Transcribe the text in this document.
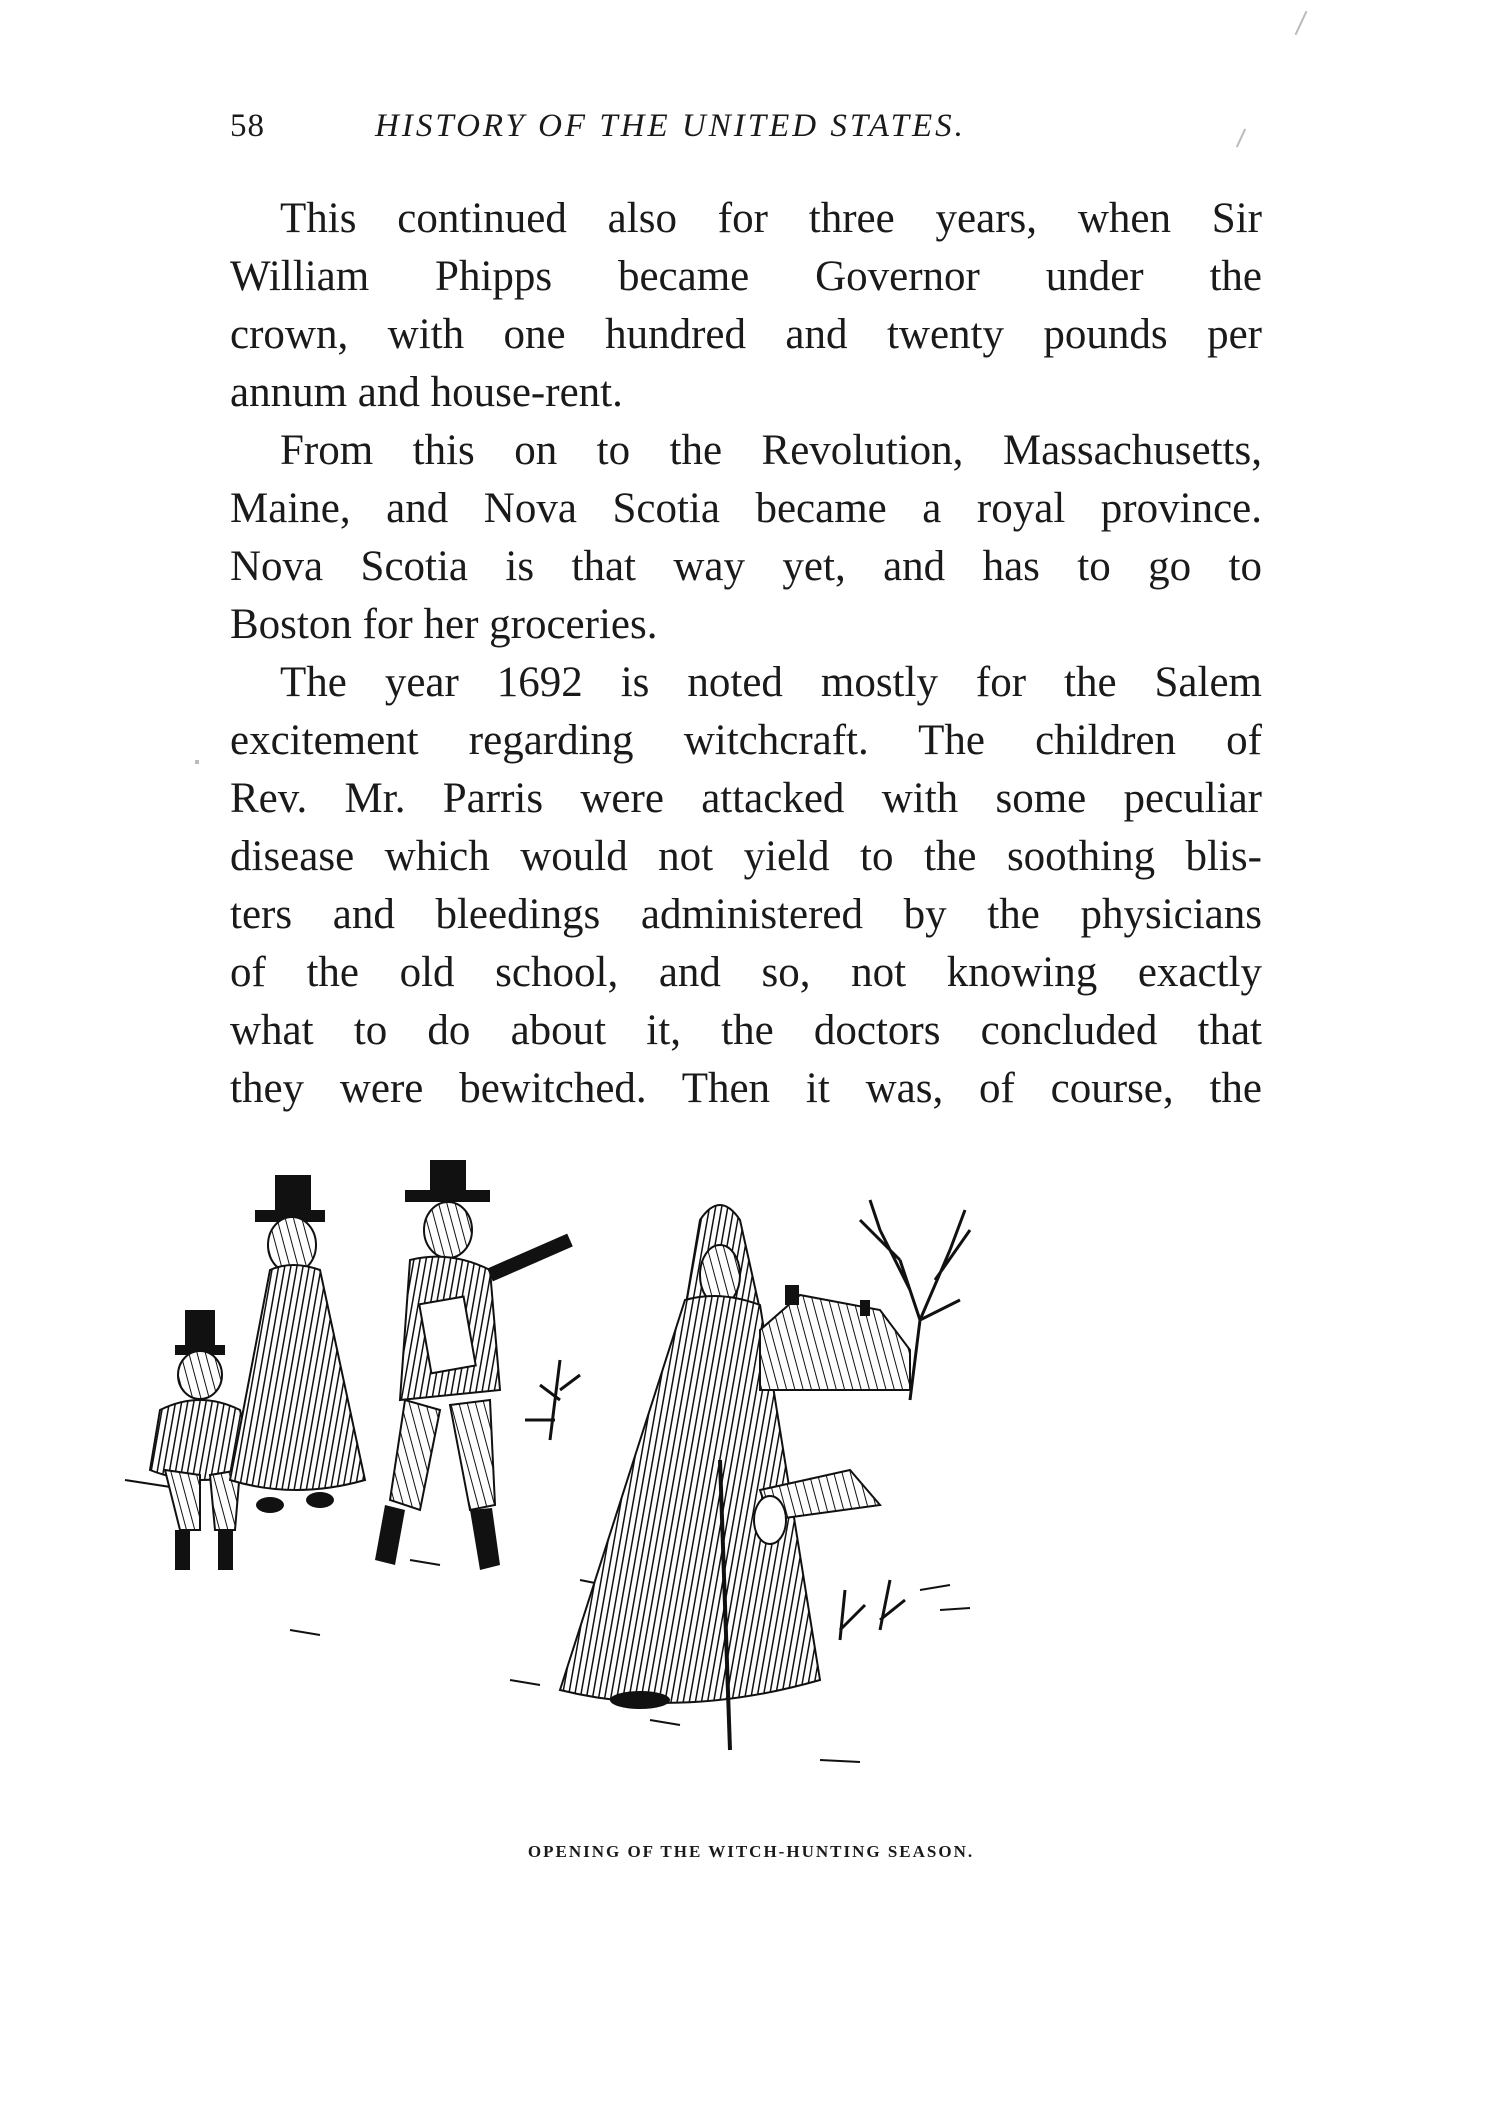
58	HISTORY OF THE UNITED STATES.

This continued also for three years, when Sir
William Phipps became Governor under the
crown, with one hundred and twenty pounds per
annum and house-rent.

From this on to the Revolution, Massachusetts,
Maine, and Nova Scotia became a royal province.
Nova Scotia is that way yet, and has to go to
Boston for her groceries.

The year 1692 is noted mostly for the Salem
excitement regarding witchcraft. The children of
Rev. Mr. Parris were attacked with some peculiar
disease which would not yield to the soothing blis-
ters and bleedings administered by the physicians
of the old school, and so, not knowing exactly
what to do about it, the doctors concluded that
they were bewitched. Then it was, of course, the

OPENING OF THE WITCH-HUNTING SEASON.
